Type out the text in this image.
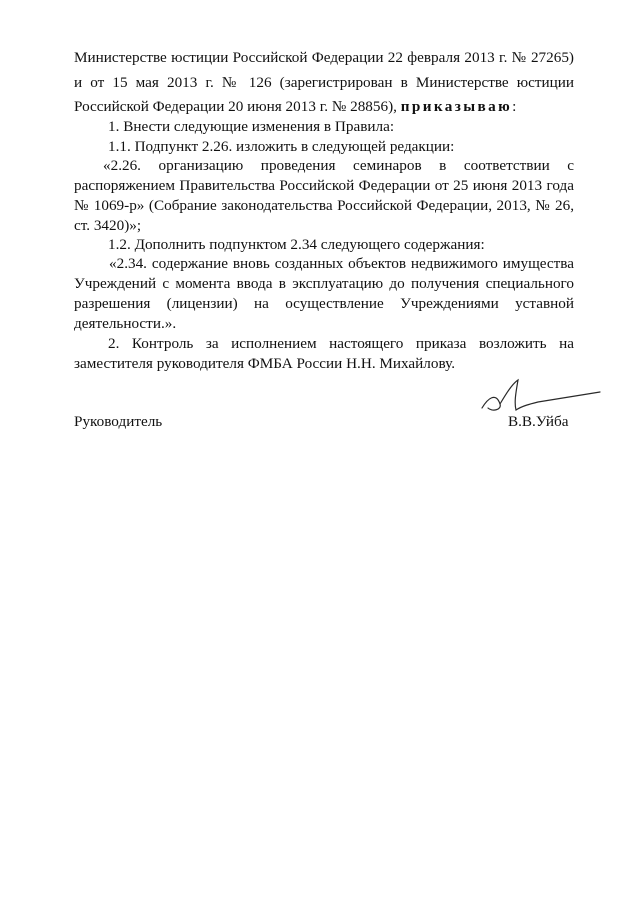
Министерстве юстиции Российской Федерации 22 февраля 2013 г. № 27265)
и от 15 мая 2013 г. № 126 (зарегистрирован в Министерстве юстиции
Российской Федерации 20 июня 2013 г. № 28856), приказываю:
1. Внести следующие изменения в Правила:
1.1. Подпункт 2.26. изложить в следующей редакции:
«2.26. организацию проведения семинаров в соответствии с
распоряжением Правительства Российской Федерации от 25 июня 2013 года
№ 1069-р» (Собрание законодательства Российской Федерации, 2013, № 26,
ст. 3420)»;
1.2. Дополнить подпунктом 2.34 следующего содержания:
«2.34. содержание вновь созданных объектов недвижимого имущества
Учреждений с момента ввода в эксплуатацию до получения специального
разрешения (лицензии) на осуществление Учреждениями уставной
деятельности.».
2. Контроль за исполнением настоящего приказа возложить на
заместителя руководителя ФМБА России Н.Н. Михайлову.
Руководитель	В.В.Уйба
